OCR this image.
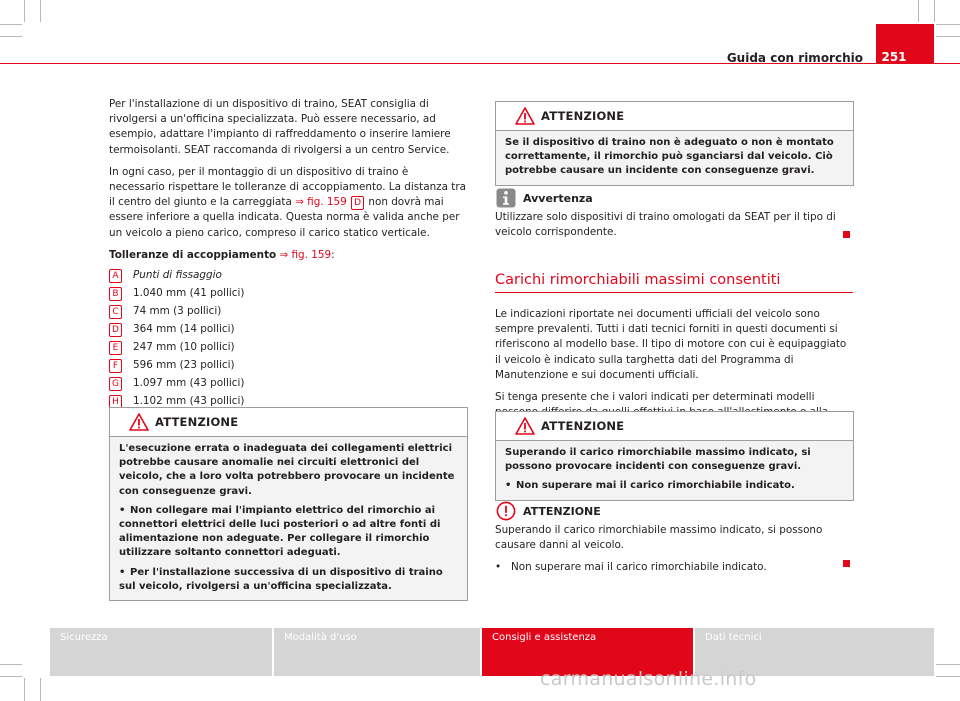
Guida con rimorchio	251

Per l'installazione di un dispositivo di traino, SEAT consiglia di rivolgersi a un'officina specializzata. Può essere necessario, ad esempio, adattare l'impianto di raffreddamento o inserire lamiere termoisolanti. SEAT raccomanda di rivolgersi a un centro Service.

In ogni caso, per il montaggio di un dispositivo di traino è necessario rispettare le tolleranze di accoppiamento. La distanza tra il centro del giunto e la carreggiata ⇒ fig. 159 D non dovrà mai essere inferiore a quella indicata. Questa norma è valida anche per un veicolo a pieno carico, compreso il carico statico verticale.

Tolleranze di accoppiamento ⇒ fig. 159:

A	Punti di fissaggio
B	1.040 mm (41 pollici)
C	74 mm (3 pollici)
D 364 mm (14 pollici)
E	247 mm (10 pollici)
F	596 mm (23 pollici)
G 1.097 mm (43 pollici)
H 1.102 mm (43 pollici)
ATTENZIONE

L'esecuzione errata o inadeguata dei collegamenti elettrici potrebbe causare anomalie nei circuiti elettronici del veicolo, che a loro volta potrebbero provocare un incidente con conseguenze gravi.

• Non collegare mai l'impianto elettrico del rimorchio ai connettori elettrici delle luci posteriori o ad altre fonti di alimentazione non adeguate. Per collegare il rimorchio utilizzare soltanto connettori adeguati.

• Per l'installazione successiva di un dispositivo di traino sul veicolo, rivolgersi a un'officina specializzata.

ATTENZIONE

Se il dispositivo di traino non è adeguato o non è montato correttamente, il rimorchio può sganciarsi dal veicolo. Ciò potrebbe causare un incidente con conseguenze gravi.

Avvertenza

Utilizzare solo dispositivi di traino omologati da SEAT per il tipo di veicolo corrispondente.

Carichi rimorchiabili massimi consentiti

Le indicazioni riportate nei documenti ufficiali del veicolo sono sempre prevalenti. Tutti i dati tecnici forniti in questi documenti si riferiscono al modello base. Il tipo di motore con cui è equipaggiato il veicolo è indicato sulla targhetta dati del Programma di Manutenzione e sui documenti ufficiali.

Si tenga presente che i valori indicati per determinati modelli

ATTENZIONE

Superando il carico rimorchiabile massimo indicato, si possono provocare incidenti con conseguenze gravi.

• Non superare mai il carico rimorchiabile indicato.

ATTENZIONE

Superando il carico rimorchiabile massimo indicato, si possono causare danni al veicolo.

• Non superare mai il carico rimorchiabile indicato.

Sicurezza	Modalità d'uso	Consigli e assistenza	Dati tecnici
carmanualsonline.info
